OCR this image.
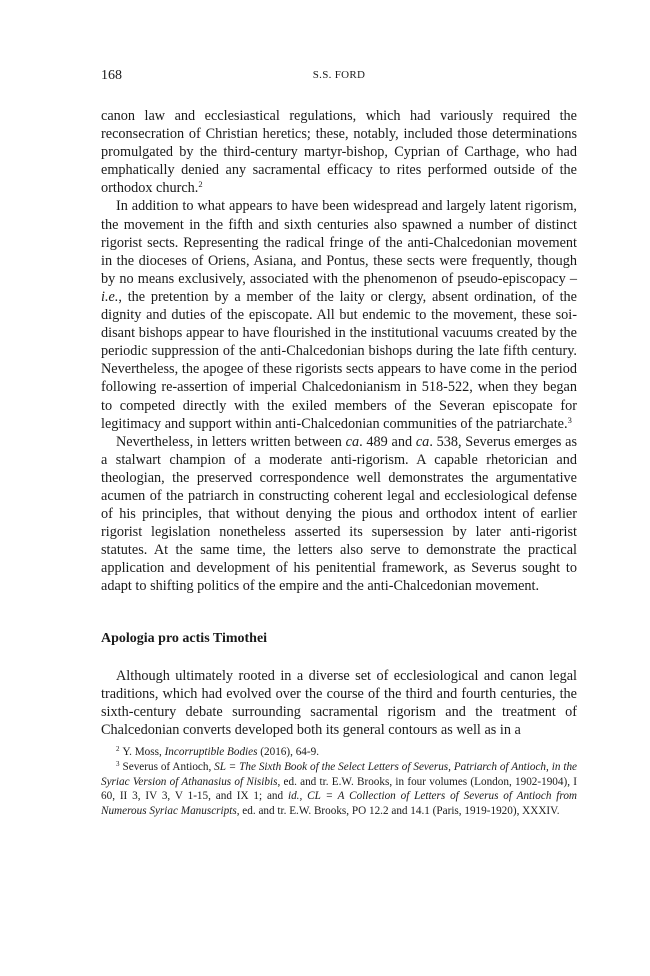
168	S.S. FORD

canon law and ecclesiastical regulations, which had variously required the reconsecration of Christian heretics; these, notably, included those determinations promulgated by the third-century martyr-bishop, Cyprian of Carthage, who had emphatically denied any sacramental efficacy to rites performed outside of the orthodox church.$^2$

In addition to what appears to have been widespread and largely latent rigorism, the movement in the fifth and sixth centuries also spawned a number of distinct rigorist sects. Representing the radical fringe of the anti-Chalcedonian movement in the dioceses of Oriens, Asiana, and Pontus, these sects were frequently, though by no means exclusively, associated with the phenomenon of pseudo-episcopacy – i.e., the pretention by a member of the laity or clergy, absent ordination, of the dignity and duties of the episcopate. All but endemic to the movement, these soi-disant bishops appear to have flourished in the institutional vacuums created by the periodic suppression of the anti-Chalcedonian bishops during the late fifth century. Nevertheless, the apogee of these rigorists sects appears to have come in the period following re-assertion of imperial Chalcedonianism in 518-522, when they began to competed directly with the exiled members of the Severan episcopate for legitimacy and support within anti-Chalcedonian communities of the patriarchate.$^3$

Nevertheless, in letters written between ca. 489 and ca. 538, Severus emerges as a stalwart champion of a moderate anti-rigorism. A capable rhetorician and theologian, the preserved correspondence well demonstrates the argumentative acumen of the patriarch in constructing coherent legal and ecclesiological defense of his principles, that without denying the pious and orthodox intent of earlier rigorist legislation nonetheless asserted its supersession by later anti-rigorist statutes. At the same time, the letters also serve to demonstrate the practical application and development of his penitential framework, as Severus sought to adapt to shifting politics of the empire and the anti-Chalcedonian movement.

Apologia pro actis Timothei

Although ultimately rooted in a diverse set of ecclesiological and canon legal traditions, which had evolved over the course of the third and fourth centuries, the sixth-century debate surrounding sacramental rigorism and the treatment of Chalcedonian converts developed both its general contours as well as in a

$^2$ Y. Moss, Incorruptible Bodies (2016), 64-9.

$^3$ Severus of Antioch, SL = The Sixth Book of the Select Letters of Severus, Patriarch of Antioch, in the Syriac Version of Athanasius of Nisibis, ed. and tr. E.W. Brooks, in four volumes (London, 1902-1904), I 60, II 3, IV 3, V 1-15, and IX 1; and id., CL = A Collection of Letters of Severus of Antioch from Numerous Syriac Manuscripts, ed. and tr. E.W. Brooks, PO 12.2 and 14.1 (Paris, 1919-1920), XXXIV.
